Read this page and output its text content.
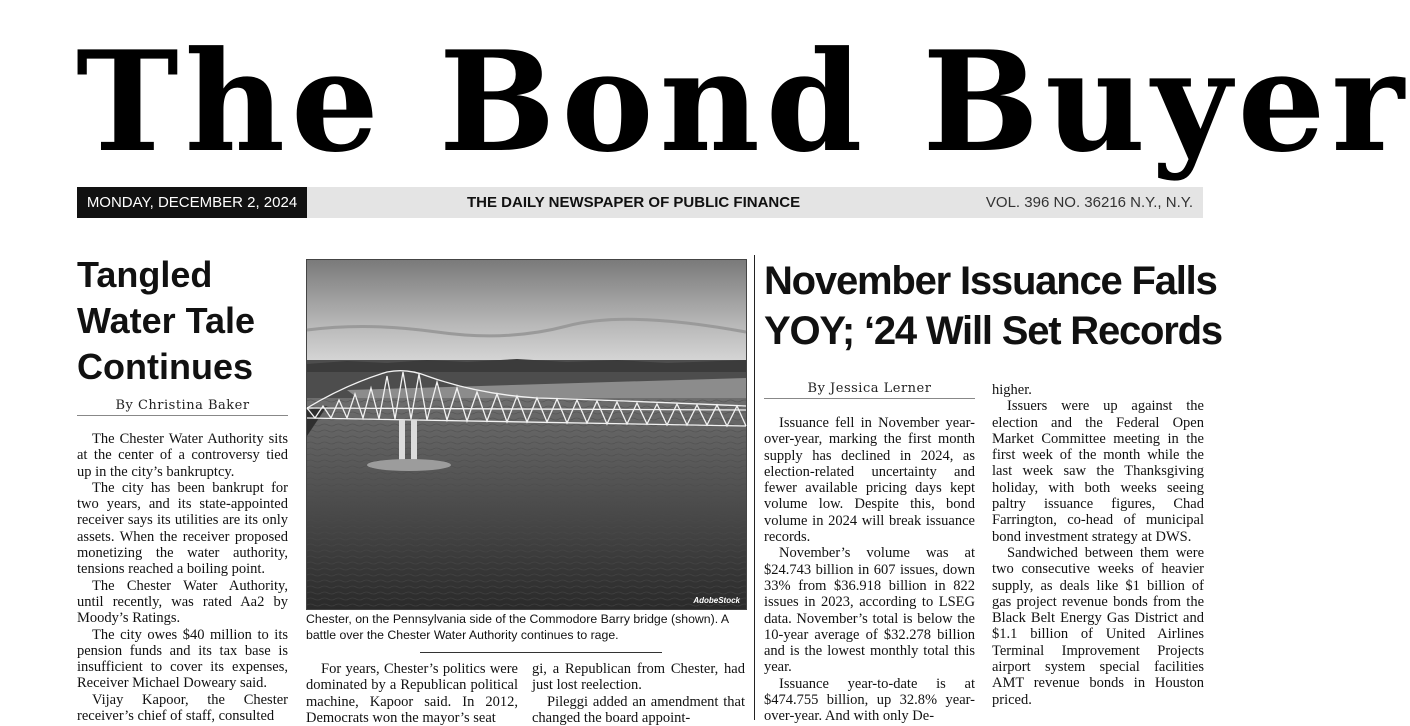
The Bond Buyer
MONDAY, DECEMBER 2, 2024	THE DAILY NEWSPAPER OF PUBLIC FINANCE	VOL. 396 NO. 36216 N.Y., N.Y.
Tangled Water Tale Continues
By Christina Baker

The Chester Water Authority sits at the center of a controversy tied up in the city’s bankruptcy.

The city has been bankrupt for two years, and its state-appointed receiver says its utilities are its only assets. When the receiver proposed monetizing the water authority, tensions reached a boiling point.

The Chester Water Authority, until recently, was rated Aa2 by Moody’s Ratings.

The city owes $40 million to its pension funds and its tax base is insufficient to cover its expenses, Receiver Michael Doweary said.

Vijay Kapoor, the Chester receiver’s chief of staff, consulted

AdobeStock
Chester, on the Pennsylvania side of the Commodore Barry bridge (shown). A battle over the Chester Water Authority continues to rage.

For years, Chester’s politics were dominated by a Republican political machine, Kapoor said. In 2012, Democrats won the mayor’s seat

gi, a Republican from Chester, had just lost reelection.

Pileggi added an amendment that changed the board appoint-

November Issuance Falls
YOY; ‘24 Will Set Records
By Jessica Lerner

Issuance fell in November year-over-year, marking the first month supply has declined in 2024, as election-related uncertainty and fewer available pricing days kept volume low. Despite this, bond volume in 2024 will break issuance records.

November’s volume was at $24.743 billion in 607 issues, down 33% from $36.918 billion in 822 issues in 2023, according to LSEG data. November’s total is below the 10-year average of $32.278 billion and is the lowest monthly total this year.

Issuance year-to-date is at $474.755 billion, up 32.8% year-over-year. And with only De-

higher.

Issuers were up against the election and the Federal Open Market Committee meeting in the first week of the month while the last week saw the Thanksgiving holiday, with both weeks seeing paltry issuance figures, Chad Farrington, co-head of municipal bond investment strategy at DWS.

Sandwiched between them were two consecutive weeks of heavier supply, as deals like $1 billion of gas project revenue bonds from the Black Belt Energy Gas District and $1.1 billion of United Airlines Terminal Improvement Projects airport system special facilities AMT revenue bonds in Houston priced.
